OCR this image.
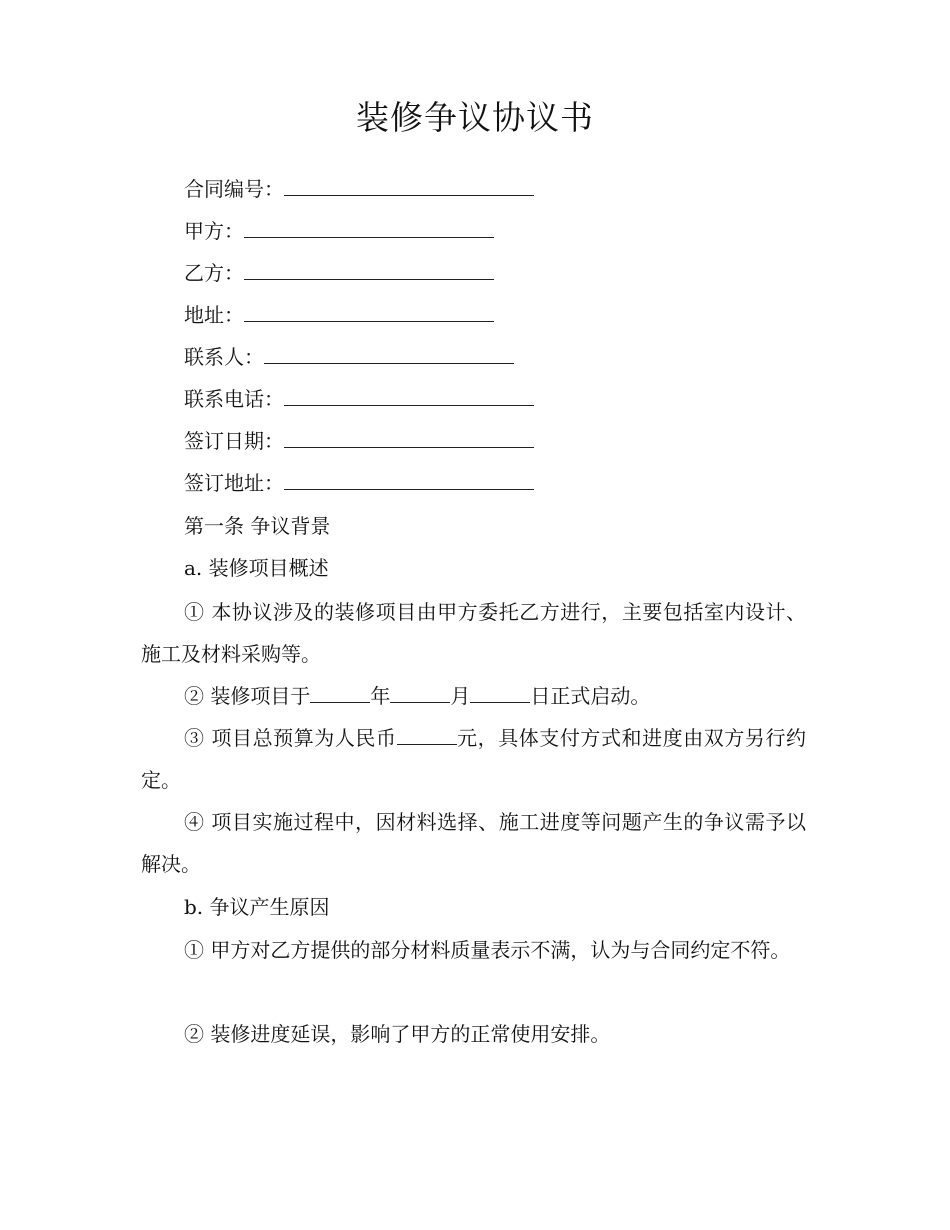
装修争议协议书
合同编号：
甲方：
乙方：
地址：
联系人：
联系电话：
签订日期：
签订地址：
第一条 争议背景
a. 装修项目概述
① 本协议涉及的装修项目由甲方委托乙方进行，主要包括室内设计、施工及材料采购等。
② 装修项目于	年	月	日正式启动。
③ 项目总预算为人民币	元，具体支付方式和进度由双方另行约定。
④ 项目实施过程中，因材料选择、施工进度等问题产生的争议需予以解决。
b. 争议产生原因
① 甲方对乙方提供的部分材料质量表示不满，认为与合同约定不符。
② 装修进度延误，影响了甲方的正常使用安排。
